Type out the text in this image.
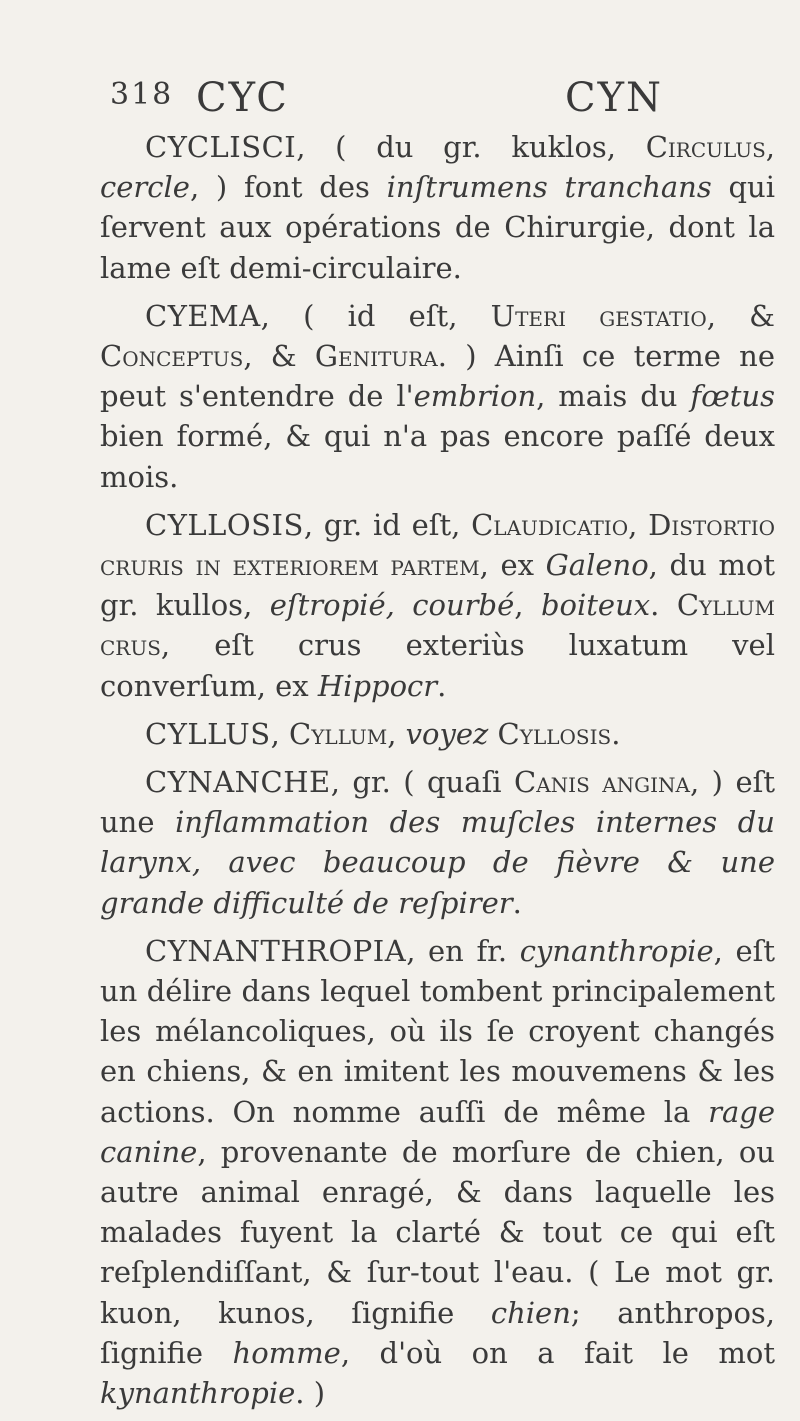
318 CYC	CYN

CYCLISCI, ( du gr. kuklos, Circulus, cercle, ) font des inſtrumens tranchans qui ſervent aux opérations de Chirurgie, dont la lame eſt demi-circulaire.

CYEMA, ( id eſt, Uteri gestatio, & Conceptus, & Genitura. ) Ainſi ce terme ne peut s'entendre de l'embrion, mais du fœtus bien formé, & qui n'a pas encore paſſé deux mois.

CYLLOSIS, gr. id eſt, Claudicatio, Distortio cruris in exteriorem partem, ex Galeno, du mot gr. kullos, eſtropié, courbé, boiteux. Cyllum crus, eſt crus exteriùs luxatum vel converſum, ex Hippocr.

CYLLUS, Cyllum, voyez Cyllosis.

CYNANCHE, gr. ( quaſi Canis angina, ) eſt une inflammation des muſcles internes du larynx, avec beaucoup de fièvre & une grande difficulté de reſpirer.

CYNANTHROPIA, en fr. cynanthropie, eſt un délire dans lequel tombent principalement les mélancoliques, où ils ſe croyent changés en chiens, & en imitent les mouvemens & les actions. On nomme auſſi de même la rage canine, provenante de morſure de chien, ou autre animal enragé, & dans laquelle les malades fuyent la clarté & tout ce qui eſt reſplendiſſant, & ſur-tout l'eau. ( Le mot gr. kuon, kunos, ſignifie chien; anthropos, ſignifie homme, d'où on a fait le mot kynanthropie. )
